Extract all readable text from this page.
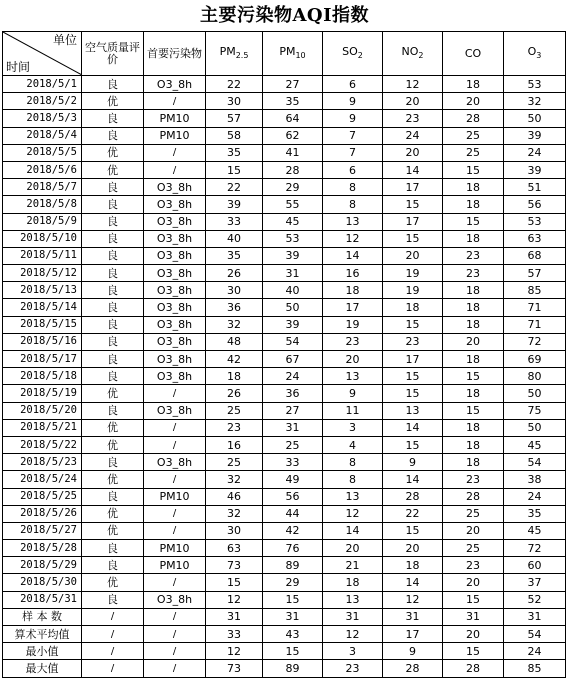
主要污染物AQI指数
单位
时间	空气质量评价	首要污染物	$PM_{2.5}$	$PM_{10}$	$SO_2$	$NO_2$	CO	$O_3$
2018/5/1	良	O3_8h	22	27	6	12	18	53
2018/5/2	优	/	30	35	9	20	20	32
2018/5/3	良	PM10	57	64	9	23	28	50
2018/5/4	良	PM10	58	62	7	24	25	39
2018/5/5	优	/	35	41	7	20	25	24
2018/5/6	优	/	15	28	6	14	15	39
2018/5/7	良	O3_8h	22	29	8	17	18	51
2018/5/8	良	O3_8h	39	55	8	15	18	56
2018/5/9	良	O3_8h	33	45	13	17	15	53
2018/5/10	良	O3_8h	40	53	12	15	18	63
2018/5/11	良	O3_8h	35	39	14	20	23	68
2018/5/12	良	O3_8h	26	31	16	19	23	57
2018/5/13	良	O3_8h	30	40	18	19	18	85
2018/5/14	良	O3_8h	36	50	17	18	18	71
2018/5/15	良	O3_8h	32	39	19	15	18	71
2018/5/16	良	O3_8h	48	54	23	23	20	72
2018/5/17	良	O3_8h	42	67	20	17	18	69
2018/5/18	良	O3_8h	18	24	13	15	15	80
2018/5/19	优	/	26	36	9	15	18	50
2018/5/20	良	O3_8h	25	27	11	13	15	75
2018/5/21	优	/	23	31	3	14	18	50
2018/5/22	优	/	16	25	4	15	18	45
2018/5/23	良	O3_8h	25	33	8	9	18	54
2018/5/24	优	/	32	49	8	14	23	38
2018/5/25	良	PM10	46	56	13	28	28	24
2018/5/26	优	/	32	44	12	22	25	35
2018/5/27	优	/	30	42	14	15	20	45
2018/5/28	良	PM10	63	76	20	20	25	72
2018/5/29	良	PM10	73	89	21	18	23	60
2018/5/30	优	/	15	29	18	14	20	37
2018/5/31	良	O3_8h	12	15	13	12	15	52
样 本 数	/	/	31	31	31	31	31	31
算术平均值	/	/	33	43	12	17	20	54
最小值	/	/	12	15	3	9	15	24
最大值	/	/	73	89	23	28	28	85
